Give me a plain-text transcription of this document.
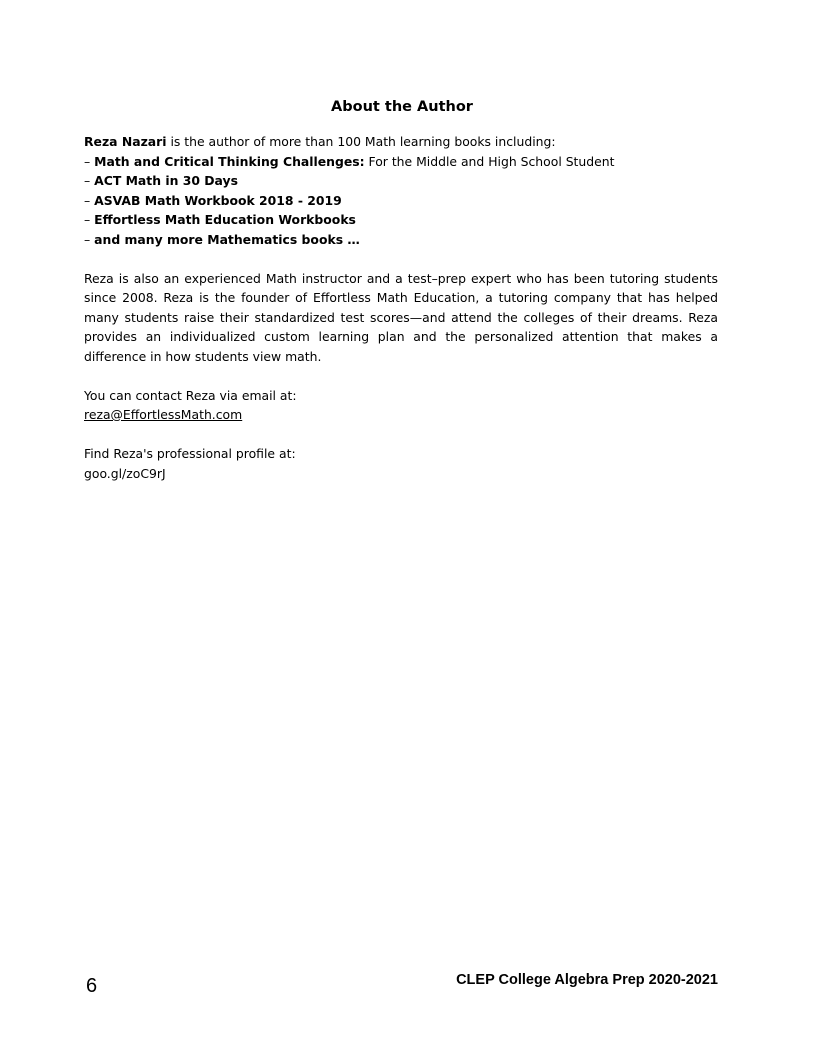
About the Author
Reza Nazari is the author of more than 100 Math learning books including:
– Math and Critical Thinking Challenges: For the Middle and High School Student
– ACT Math in 30 Days
– ASVAB Math Workbook 2018 - 2019
– Effortless Math Education Workbooks
– and many more Mathematics books …
Reza is also an experienced Math instructor and a test–prep expert who has been tutoring students since 2008. Reza is the founder of Effortless Math Education, a tutoring company that has helped many students raise their standardized test scores—and attend the colleges of their dreams. Reza provides an individualized custom learning plan and the personalized attention that makes a difference in how students view math.
You can contact Reza via email at:
reza@EffortlessMath.com
Find Reza's professional profile at:
goo.gl/zoC9rJ
6	CLEP College Algebra Prep 2020-2021
